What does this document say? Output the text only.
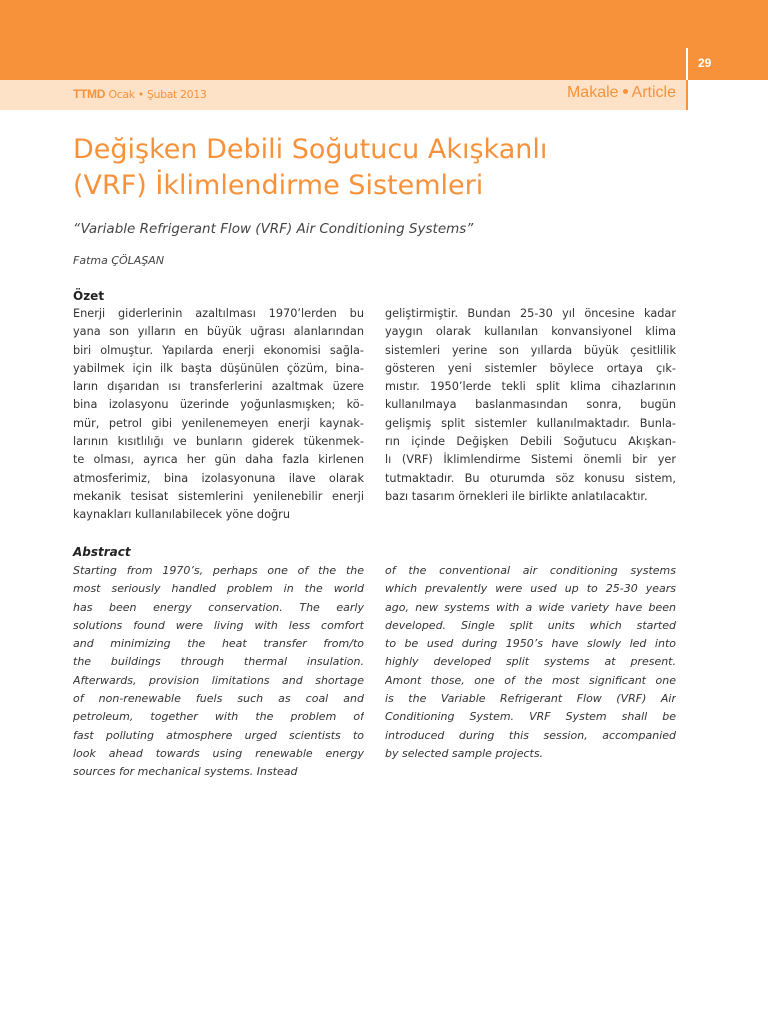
29
TTMD Ocak • Şubat 2013	Makale Article
Değişken Debili Soğutucu Akışkanlı
(VRF) İklimlendirme Sistemleri
“Variable Refrigerant Flow (VRF) Air Conditioning Systems”
Fatma ÇÖLAŞAN
Özet
Enerji giderlerinin azaltılması 1970’lerden bu
yana son yılların en büyük uğrası alanlarından
biri olmuştur. Yapılarda enerji ekonomisi sağla-
yabilmek için ilk başta düşünülen çözüm, bina-
ların dışarıdan ısı transferlerini azaltmak üzere
bina izolasyonu üzerinde yoğunlasmışken; kö-
mür, petrol gibi yenilenemeyen enerji kaynak-
larının kısıtlılığı ve bunların giderek tükenmek-
te olması, ayrıca her gün daha fazla kirlenen
atmosferimiz, bina izolasyonuna ilave olarak
mekanik tesisat sistemlerini yenilenebilir enerji
kaynakları kullanılabilecek yöne doğru
geliştirmiştir. Bundan 25-30 yıl öncesine kadar
yaygın olarak kullanılan konvansiyonel klima
sistemleri yerine son yıllarda büyük çesitlilik
gösteren yeni sistemler böylece ortaya çık-
mıstır. 1950’lerde tekli split klima cihazlarının
kullanılmaya baslanmasından sonra, bugün
gelişmiş split sistemler kullanılmaktadır. Bunla-
rın içinde Değişken Debili Soğutucu Akışkan-
lı (VRF) İklimlendirme Sistemi önemli bir yer
tutmaktadır. Bu oturumda söz konusu sistem,
bazı tasarım örnekleri ile birlikte anlatılacaktır.
Abstract
Starting from 1970’s, perhaps one of the the
most seriously handled problem in the world
has been energy conservation. The early
solutions found were living with less comfort
and minimizing the heat transfer from/to
the buildings through thermal insulation.
Afterwards, provision limitations and shortage
of non-renewable fuels such as coal and
petroleum, together with the problem of
fast polluting atmosphere urged scientists to
look ahead towards using renewable energy
sources for mechanical systems. Instead
of the conventional air conditioning systems
which prevalently were used up to 25-30 years
ago, new systems with a wide variety have been
developed. Single split units which started
to be used during 1950’s have slowly led into
highly developed split systems at present.
Amont those, one of the most significant one
is the Variable Refrigerant Flow (VRF) Air
Conditioning System. VRF System shall be
introduced during this session, accompanied
by selected sample projects.
